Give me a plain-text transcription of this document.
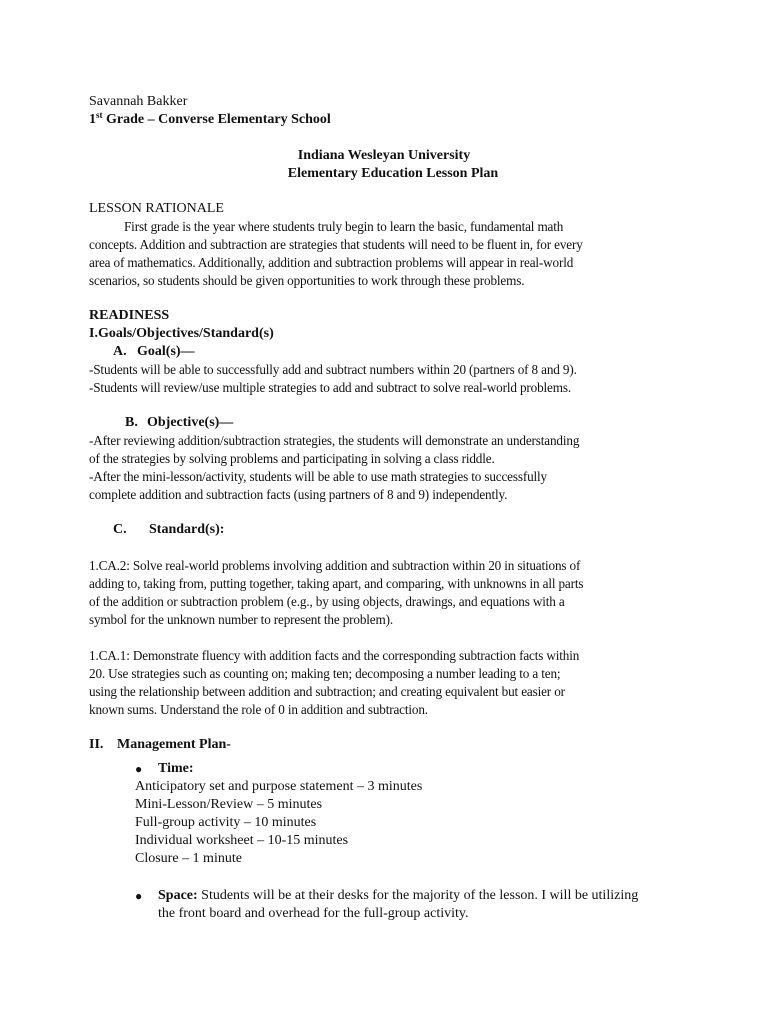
Savannah Bakker
1st Grade – Converse Elementary School
Indiana Wesleyan University
Elementary Education Lesson Plan
LESSON RATIONALE
First grade is the year where students truly begin to learn the basic, fundamental math
concepts. Addition and subtraction are strategies that students will need to be fluent in, for every
area of mathematics. Additionally, addition and subtraction problems will appear in real-world
scenarios, so students should be given opportunities to work through these problems.
READINESS
I.Goals/Objectives/Standard(s)
A. Goal(s)—
-Students will be able to successfully add and subtract numbers within 20 (partners of 8 and 9).
-Students will review/use multiple strategies to add and subtract to solve real-world problems.
B. Objective(s)—
-After reviewing addition/subtraction strategies, the students will demonstrate an understanding
of the strategies by solving problems and participating in solving a class riddle.
-After the mini-lesson/activity, students will be able to use math strategies to successfully
complete addition and subtraction facts (using partners of 8 and 9) independently.
C. Standard(s):
1.CA.2: Solve real-world problems involving addition and subtraction within 20 in situations of
adding to, taking from, putting together, taking apart, and comparing, with unknowns in all parts
of the addition or subtraction problem (e.g., by using objects, drawings, and equations with a
symbol for the unknown number to represent the problem).
1.CA.1: Demonstrate fluency with addition facts and the corresponding subtraction facts within
20. Use strategies such as counting on; making ten; decomposing a number leading to a ten;
using the relationship between addition and subtraction; and creating equivalent but easier or
known sums. Understand the role of 0 in addition and subtraction.
II. Management Plan-
● Time:
Anticipatory set and purpose statement – 3 minutes
Mini-Lesson/Review – 5 minutes
Full-group activity – 10 minutes
Individual worksheet – 10-15 minutes
Closure – 1 minute
● Space: Students will be at their desks for the majority of the lesson. I will be utilizing
the front board and overhead for the full-group activity.
